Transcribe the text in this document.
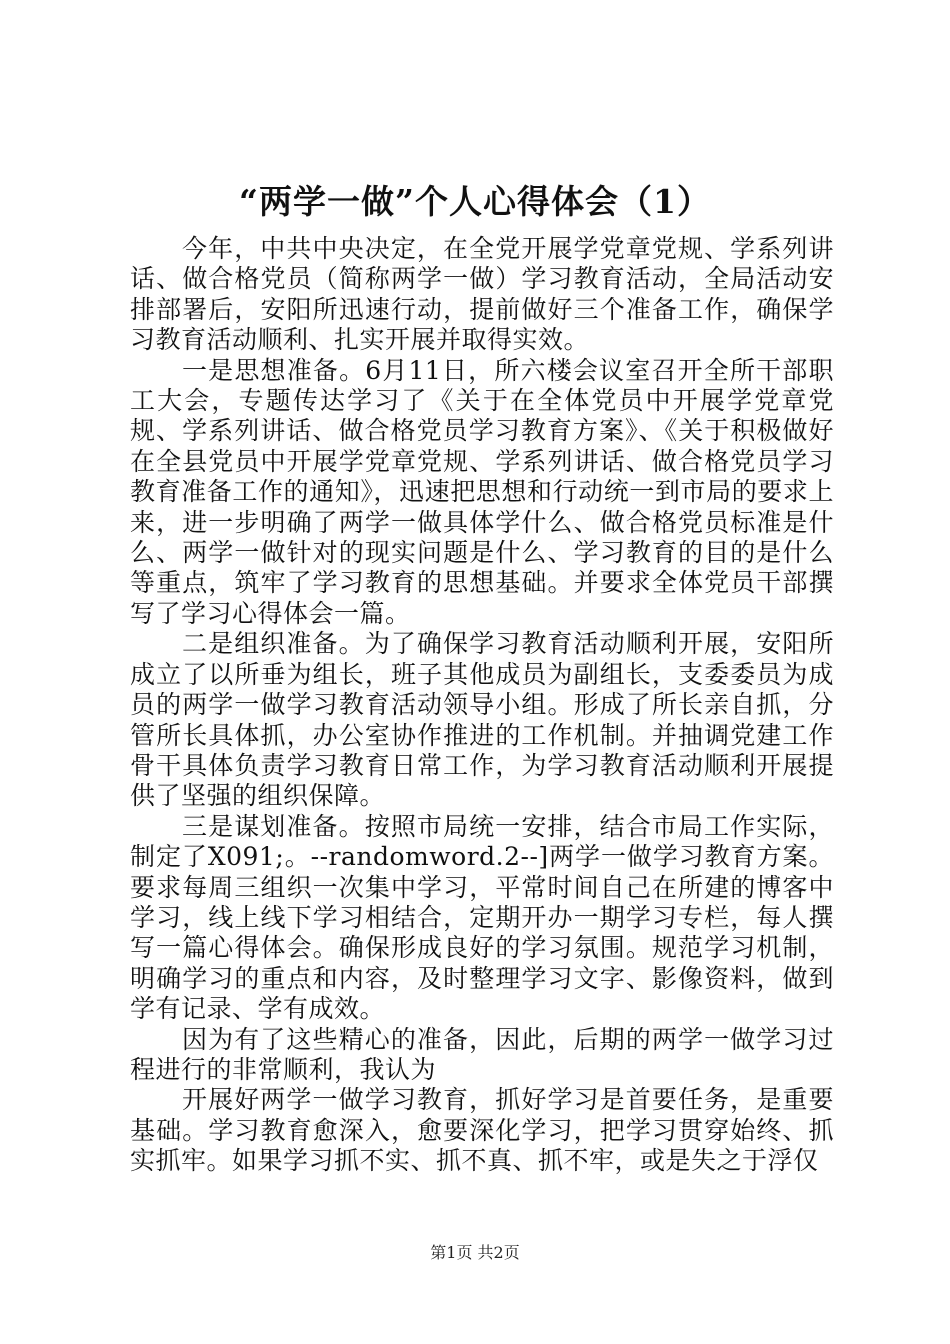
“两学一做”个人心得体会（1）

今年，中共中央决定，在全党开展学党章党规、学系列讲话、做合格党员（简称两学一做）学习教育活动，全局活动安排部署后，安阳所迅速行动，提前做好三个准备工作，确保学习教育活动顺利、扎实开展并取得实效。

一是思想准备。6月11日，所六楼会议室召开全所干部职工大会，专题传达学习了《关于在全体党员中开展学党章党规、学系列讲话、做合格党员学习教育方案》、《关于积极做好在全县党员中开展学党章党规、学系列讲话、做合格党员学习教育准备工作的通知》，迅速把思想和行动统一到市局的要求上来，进一步明确了两学一做具体学什么、做合格党员标准是什么、两学一做针对的现实问题是什么、学习教育的目的是什么等重点，筑牢了学习教育的思想基础。并要求全体党员干部撰写了学习心得体会一篇。

二是组织准备。为了确保学习教育活动顺利开展，安阳所成立了以所垂为组长，班子其他成员为副组长，支委委员为成员的两学一做学习教育活动领导小组。形成了所长亲自抓，分管所长具体抓，办公室协作推进的工作机制。并抽调党建工作骨干具体负责学习教育日常工作，为学习教育活动顺利开展提供了坚强的组织保障。

三是谋划准备。按照市局统一安排，结合市局工作实际，制定了X091;。--randomword.2--]两学一做学习教育方案。要求每周三组织一次集中学习，平常时间自己在所建的博客中学习，线上线下学习相结合，定期开办一期学习专栏，每人撰写一篇心得体会。确保形成良好的学习氛围。规范学习机制，明确学习的重点和内容，及时整理学习文字、影像资料，做到学有记录、学有成效。

因为有了这些精心的准备，因此，后期的两学一做学习过程进行的非常顺利，我认为

开展好两学一做学习教育，抓好学习是首要任务，是重要基础。学习教育愈深入，愈要深化学习，把学习贯穿始终、抓实抓牢。如果学习抓不实、抓不真、抓不牢，或是失之于浮仅

第1页 共2页
